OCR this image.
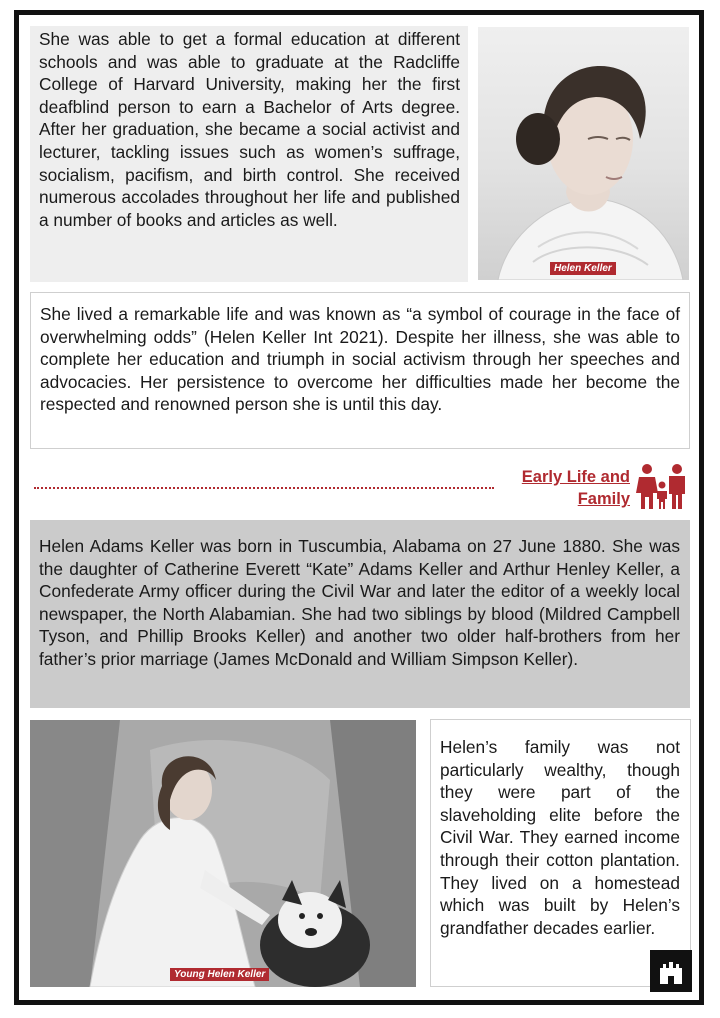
She was able to get a formal education at different schools and was able to graduate at the Radcliffe College of Harvard University, making her the first deafblind person to earn a Bachelor of Arts degree. After her graduation, she became a social activist and lecturer, tackling issues such as women’s suffrage, socialism, pacifism, and birth control. She received numerous accolades throughout her life and published a number of books and articles as well.

Helen Keller

She lived a remarkable life and was known as “a symbol of courage in the face of overwhelming odds” (Helen Keller Int 2021). Despite her illness, she was able to complete her education and triumph in social activism through her speeches and advocacies. Her persistence to overcome her difficulties made her become the respected and renowned person she is until this day.

Early Life and
Family

Helen Adams Keller was born in Tuscumbia, Alabama on 27 June 1880. She was the daughter of Catherine Everett “Kate” Adams Keller and Arthur Henley Keller, a Confederate Army officer during the Civil War and later the editor of a weekly local newspaper, the North Alabamian. She had two siblings by blood (Mildred Campbell Tyson, and Phillip Brooks Keller) and another two older half-brothers from her father’s prior marriage (James McDonald and William Simpson Keller).

Young Helen Keller

Helen’s family was not particularly wealthy, though they were part of the slaveholding elite before the Civil War. They earned income through their cotton plantation. They lived on a homestead which was built by Helen’s grandfather decades earlier.
